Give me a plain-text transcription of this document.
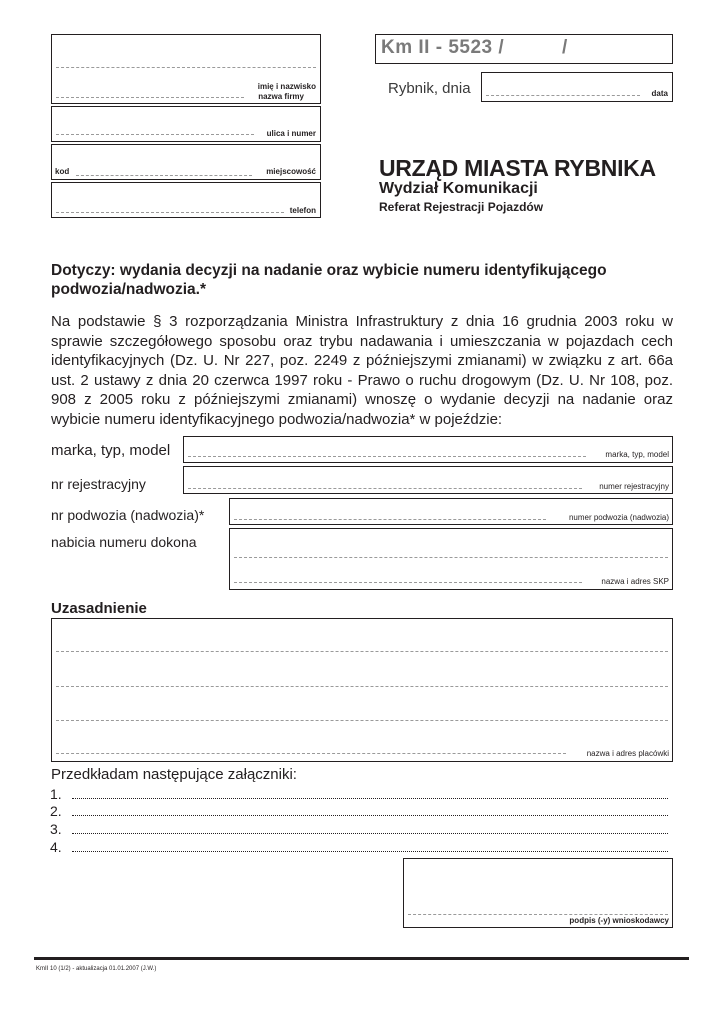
imię i nazwisko
nazwa firmy
ulica i numer
kod	miejscowość
telefon
Km II - 5523 /          /
Rybnik, dnia	data
URZĄD MIASTA RYBNIKA
Wydział Komunikacji
Referat Rejestracji Pojazdów
Dotyczy: wydania decyzji na nadanie oraz wybicie numeru identyfikującego podwozia/nadwozia.*
Na podstawie § 3 rozporządzania Ministra Infrastruktury z dnia 16 grudnia 2003 roku w sprawie szczegółowego sposobu oraz trybu nadawania i umieszczania w pojazdach cech identyfikacyjnych (Dz. U. Nr 227, poz. 2249 z późniejszymi zmianami) w związku z art. 66a ust. 2 ustawy z dnia 20 czerwca 1997 roku - Prawo o ruchu drogowym (Dz. U. Nr 108, poz. 908 z 2005 roku z późniejszymi zmianami) wnoszę o wydanie decyzji na nadanie oraz wybicie numeru identyfikacyjnego podwozia/nadwozia* w pojeździe:
marka, typ, model	marka, typ, model
nr rejestracyjny	numer rejestracyjny
nr podwozia (nadwozia)*	numer podwozia (nadwozia)
nabicia numeru dokona
nazwa i adres SKP
Uzasadnienie
nazwa i adres placówki
Przedkładam następujące załączniki:
1.
2.
3.
4.
podpis (-y) wnioskodawcy
KmII 10 (1/2) - aktualizacja 01.01.2007 (J.W.)
